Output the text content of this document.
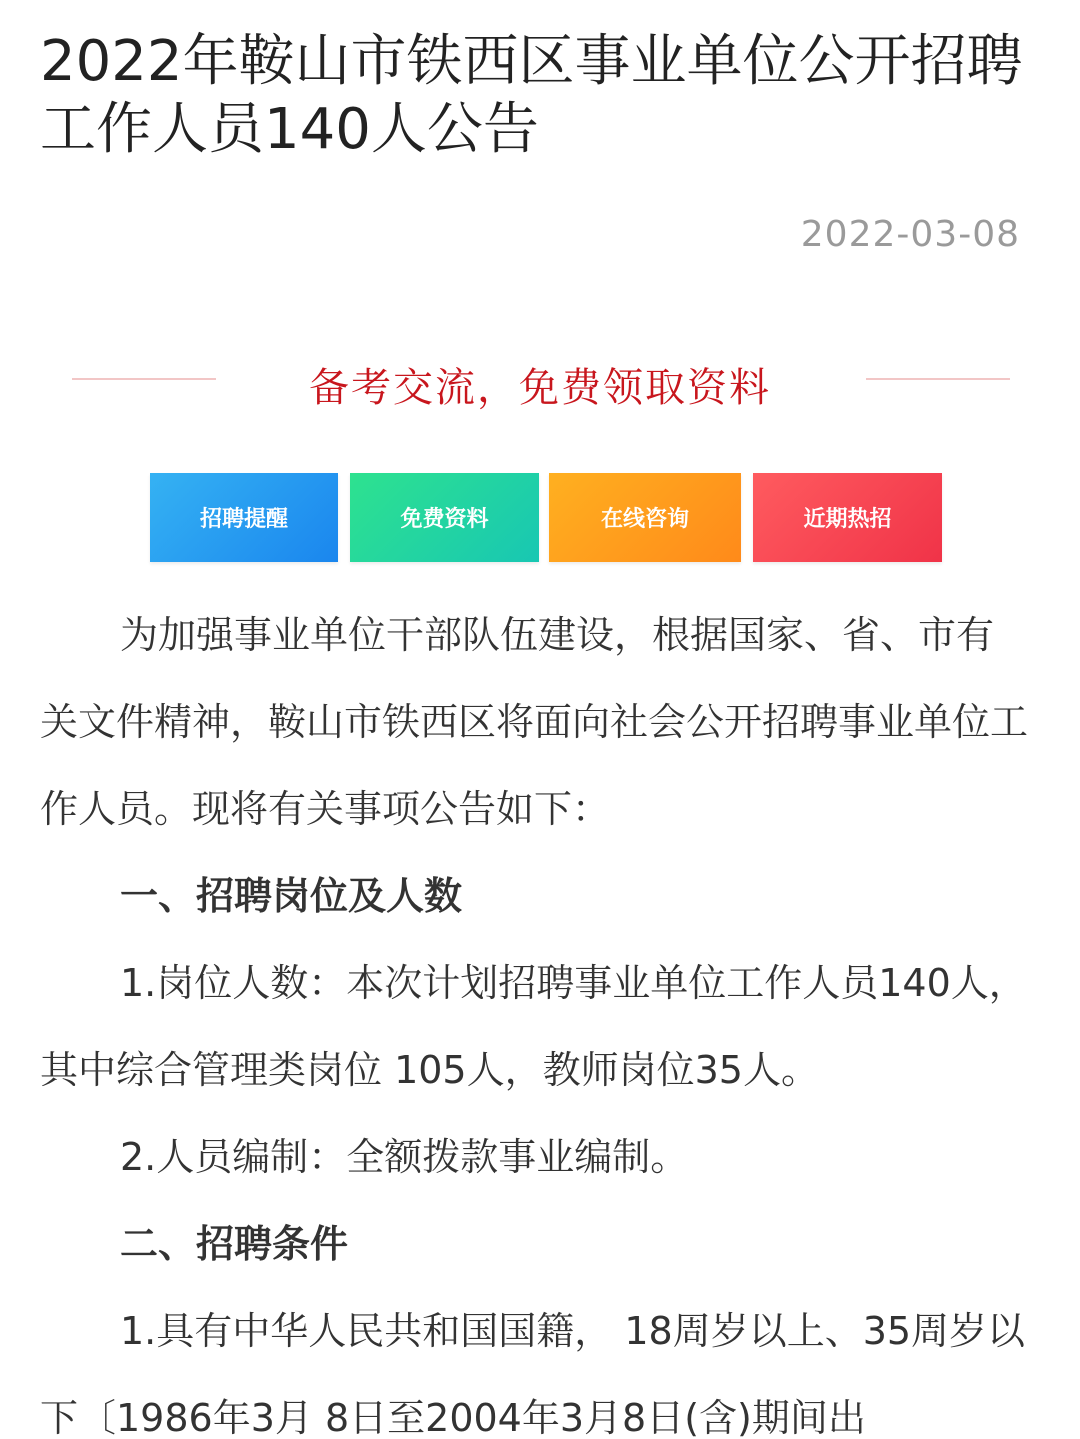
2022年鞍山市铁西区事业单位公开招聘工作人员140人公告
2022-03-08
备考交流，免费领取资料
招聘提醒	免费资料	在线咨询	近期热招

为加强事业单位干部队伍建设，根据国家、省、市有关文件精神，鞍山市铁西区将面向社会公开招聘事业单位工作人员。现将有关事项公告如下：

一、招聘岗位及人数

1.岗位人数：本次计划招聘事业单位工作人员140人，其中综合管理类岗位 105人，教师岗位35人。

2.人员编制：全额拨款事业编制。

二、招聘条件

1.具有中华人民共和国国籍， 18周岁以上、35周岁以下〔1986年3月 8日至2004年3月8日(含)期间出
